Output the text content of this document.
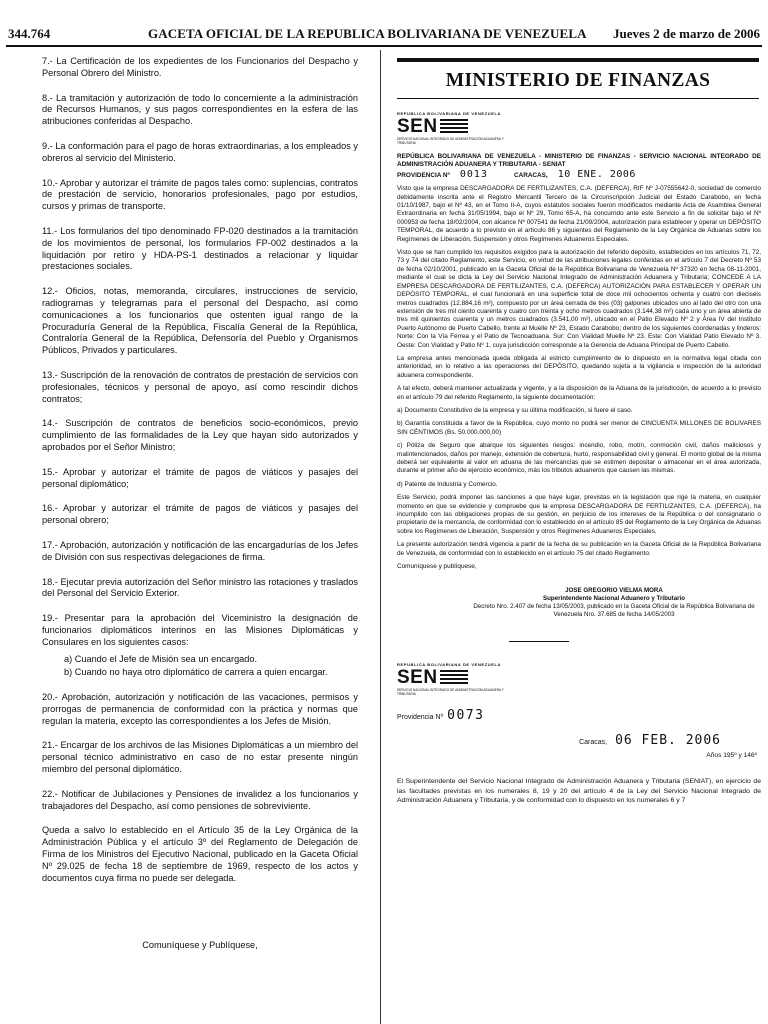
344.764	GACETA OFICIAL DE LA REPUBLICA BOLIVARIANA DE VENEZUELA Jueves 2 de marzo de 2006
7.- La Certificación de los expedientes de los Funcionarios del Despacho y Personal Obrero del Ministro.
8.- La tramitación y autorización de todo lo concerniente a la administración de Recursos Humanos, y sus pagos correspondientes en la esfera de las atribuciones conferidas al Despacho.
9.- La conformación para el pago de horas extraordinarias, a los empleados y obreros al servicio del Ministerio.
10.- Aprobar y autorizar el trámite de pagos tales como: suplencias, contratos de prestación de servicio, honorarios profesionales, pago por estudios, cursos y primas de transporte.
11.- Los formularios del tipo denominado FP-020 destinados a la tramitación de los movimientos de personal, los formularios FP-002 destinados a la liquidación por retiro y HDA-PS-1 destinados a relacionar y liquidar prestaciones sociales.
12.- Oficios, notas, memoranda, circulares, instrucciones de servicio, radiogramas y telegramas para el personal del Despacho, así como comunicaciones a los funcionarios que ostenten igual rango de la Procuraduría General de la República, Fiscalía General de la República, Contraloría General de la República, Defensoría del Pueblo y Organismos Públicos, Privados y particulares.
13.- Suscripción de la renovación de contratos de prestación de servicios con profesionales, técnicos y personal de apoyo, así como rescindir dichos contratos;
14.- Suscripción de contratos de beneficios socio-económicos, previo cumplimiento de las formalidades de la Ley que hayan sido autorizados y aprobados por el Señor Ministro;
15.- Aprobar y autorizar el trámite de pagos de viáticos y pasajes del personal diplomático;
16.- Aprobar y autorizar el trámite de pagos de viáticos y pasajes del personal obrero;
17.- Aprobación, autorización y notificación de las encargadurías de los Jefes de División con sus respectivas delegaciones de firma.
18.- Ejecutar previa autorización del Señor ministro las rotaciones y traslados del Personal del Servicio Exterior.
19.- Presentar para la aprobación del Viceministro la designación de funcionarios diplomáticos interinos en las Misiones Diplomáticas y Consulares en los siguientes casos:
a) Cuando el Jefe de Misión sea un encargado.
b) Cuando no haya otro diplomático de carrera a quien encargar.
20.- Aprobación, autorización y notificación de las vacaciones, permisos y prorrogas de permanencia de conformidad con la práctica y normas que regulan la materia, excepto las correspondientes a los Jefes de Misión.
21.- Encargar de los archivos de las Misiones Diplomáticas a un miembro del personal técnico administrativo en caso de no estar presente ningún miembro del personal diplomático.
22.- Notificar de Jubilaciones y Pensiones de invalidez a los funcionarios y trabajadores del Despacho, así como pensiones de sobreviviente.
Queda a salvo lo establecido en el Artículo 35 de la Ley Orgánica de la Administración Pública y el artículo 3º del Reglamento de Delegación de Firma de los Ministros del Ejecutivo Nacional, publicado en la Gaceta Oficial Nº 29.025 de fecha 18 de septiembre de 1969, respecto de los actos y documentos cuya firma no puede ser delegada.
Comuníquese y Publíquese,
MINISTERIO DE FINANZAS
REPUBLICA BOLIVARIANA DE VENEZUELA
SEN
SERVICIO NACIONAL INTEGRADO DE ADMINISTRACIÓN ADUANERA Y TRIBUTARIA
REPÚBLICA BOLIVARIANA DE VENEZUELA - MINISTERIO DE FINANZAS - SERVICIO NACIONAL INTEGRADO DE ADMINISTRACIÓN ADUANERA Y TRIBUTARIA - SENIAT
PROVIDENCIA Nº 0013	CARACAS, 10 ENE. 2006
Visto que la empresa DESCARGADORA DE FERTILIZANTES, C.A. (DEFERCA), RIF Nº J-07555642-0, sociedad de comercio debidamente inscrita ante el Registro Mercantil Tercero de la Circunscripción Judicial del Estado Carabobo, en fecha 01/10/1987, bajo el Nº 43, en el Tomo II-A, cuyos estatutos sociales fueron modificados mediante Acta de Asamblea General Extraordinaria en fecha 31/05/1994, bajo el Nº 29, Tomo 65-A, ha concurrido ante este Servicio a fin de solicitar bajo el Nº 000953 de fecha 18/02/2004, con alcance Nº 007541 de fecha 21/09/2004, autorización para establecer y operar un DEPÓSITO TEMPORAL, de acuerdo a lo previsto en el artículo 86 y siguientes del Reglamento de la Ley Orgánica de Aduanas sobre los Regímenes de Liberación, Suspensión y otros Regímenes Aduaneros Especiales.
Visto que se han cumplido los requisitos exigidos para la autorización del referido depósito, establecidos en los artículos 71, 72, 73 y 74 del citado Reglamento, este Servicio, en virtud de las atribuciones legales conferidas en el artículo 7 del Decreto Nº 53 de fecha 02/10/2001, publicado en la Gaceta Oficial de la República Bolivariana de Venezuela Nº 37320 en fecha 08-11-2001, mediante el cual se dicta la Ley del Servicio Nacional Integrado de Administración Aduanera y Tributaria; CONCEDE A LA EMPRESA DESCARGADORA DE FERTILIZANTES, C.A. (DEFERCA) AUTORIZACIÓN PARA ESTABLECER Y OPERAR UN DEPÓSITO TEMPORAL, el cual funcionará en una superficie total de doce mil ochocientos ochenta y cuatro con dieciséis metros cuadrados (12.884,16 m²), compuesto por un área cerrada de tres (03) galpones ubicados uno al lado del otro con una extensión de tres mil ciento cuarenta y cuatro con treinta y ocho metros cuadrados (3.144,38 m²) cada uno y un área abierta de tres mil quinientos cuarenta y un metros cuadrados (3.541,00 m²), ubicado en el Patio Elevado Nº 2 y Área IV del Instituto Puerto Autónomo de Puerto Cabello, frente al Muelle Nº 23, Estado Carabobo; dentro de los siguientes coordenadas y linderos: Norte: Con la Vía Férrea y el Patio de Tecnoaduana. Sur: Con Vialidad Muelle Nº 23. Este: Con Vialidad Patio Elevado Nº 3. Oeste: Con Vialidad y Patio Nº 1, cuya jurisdicción corresponde a la Gerencia de Aduana Principal de Puerto Cabello.
La empresa antes mencionada queda obligada al estricto cumplimiento de lo dispuesto en la normativa legal citada con anterioridad, en lo relativo a las operaciones del DEPÓSITO, quedando sujeta a la vigilancia e inspección de la autoridad aduanera correspondiente.
A tal efecto, deberá mantener actualizada y vigente, y a la disposición de la Aduana de la jurisdicción, de acuerdo a lo previsto en el artículo 79 del referido Reglamento, la siguiente documentación:
a) Documento Constitutivo de la empresa y su última modificación, si fuere el caso.
b) Garantía constituida a favor de la República, cuyo monto no podrá ser menor de CINCUENTA MILLONES DE BOLIVARES SIN CÉNTIMOS (Bs. 50.000.000,00)
c) Póliza de Seguro que abarque los siguientes riesgos: incendio, robo, motín, conmoción civil, daños maliciosos y malintencionados, daños por manejo, extensión de cobertura, hurto, responsabilidad civil y general. El monto global de la misma deberá ser equivalente al valor en aduana de las mercancías que se estimen depositar o almacenar en el área autorizada, durante el primer año de ejercicio económico, más los tributos aduaneros que causen las mismas.
d) Patente de Industria y Comercio.
Este Servicio, podrá imponer las sanciones a que haye lugar, previstas en la legislación que rige la materia, en cualquier momento en que se evidencie y compruebe que la empresa DESCARGADORA DE FERTILIZANTES, C.A. (DEFERCA), ha incumplido con las obligaciones propias de su gestión, en perjuicio de los intereses de la República o del consignatario o propietario de la mercancía, de conformidad con lo establecido en el artículo 85 del Reglamento de la Ley Orgánica de Aduanas sobre los Regímenes de Liberación, Suspensión y otros Regímenes Aduaneros Especiales.
La presente autorización tendrá vigencia a partir de la fecha de su publicación en la Gaceta Oficial de la República Bolivariana de Venezuela, de conformidad con lo establecido en el artículo 75 del citado Reglamento.
Comuníquese y publíquese,
JOSE GREGORIO VIELMA MORA
Superintendente Nacional Aduanero y Tributario
Decreto Nro. 2.407 de fecha 13/05/2003, publicado en la Gaceta Oficial de la República Bolivariana de Venezuela Nro. 37.685 de fecha 14/05/2003
REPUBLICA BOLIVARIANA DE VENEZUELA
SEN
SERVICIO NACIONAL INTEGRADO DE ADMINISTRACIÓN ADUANERA Y TRIBUTARIA
Providencia Nº 0073
Caracas, 06 FEB. 2006
Años 195º y 146º
El Superintendente del Servicio Nacional Integrado de Administración Aduanera y Tributaria (SENIAT), en ejercicio de las facultades previstas en los numerales 8, 19 y 20 del artículo 4 de la Ley del Servicio Nacional Integrado de Administración Aduanera y Tributaria, y de conformidad con lo dispuesto en los numerales 6 y 7
